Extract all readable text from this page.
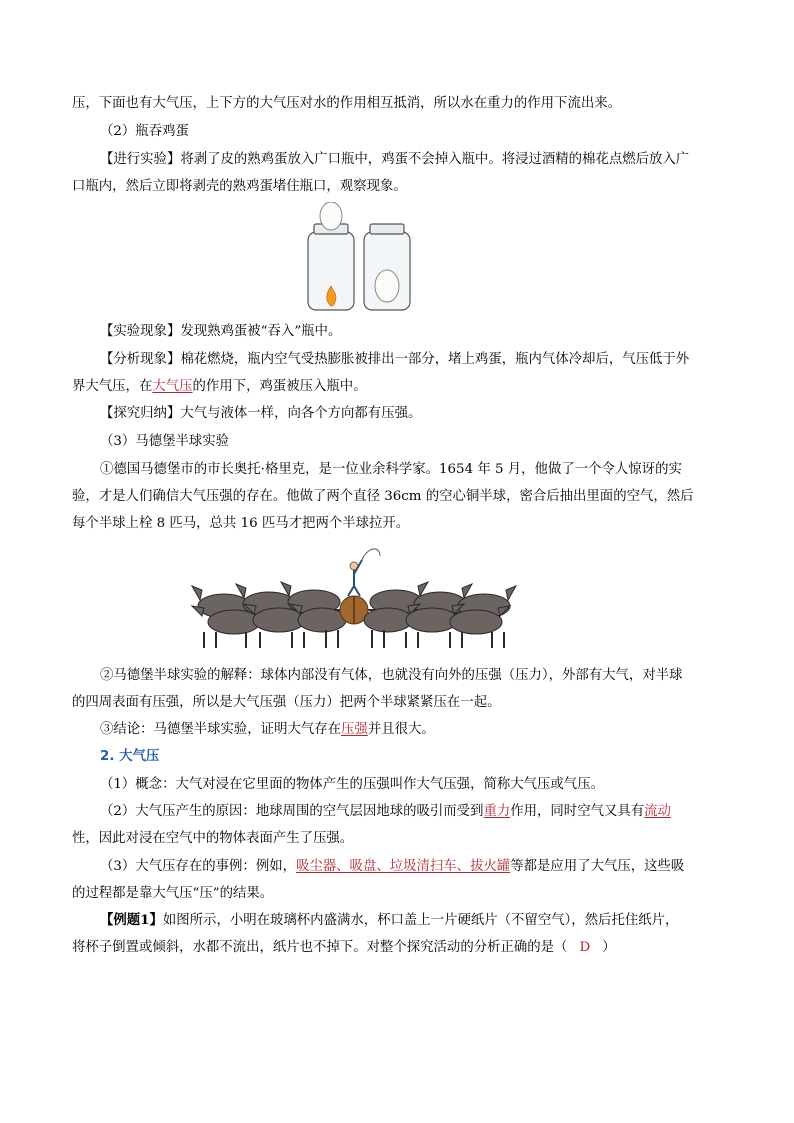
压，下面也有大气压，上下方的大气压对水的作用相互抵消，所以水在重力的作用下流出来。
（2）瓶吞鸡蛋
【进行实验】将剥了皮的熟鸡蛋放入广口瓶中，鸡蛋不会掉入瓶中。将浸过酒精的棉花点燃后放入广
口瓶内，然后立即将剥壳的熟鸡蛋堵住瓶口，观察现象。
【实验现象】发现熟鸡蛋被“吞入”瓶中。
【分析现象】棉花燃烧，瓶内空气受热膨胀被排出一部分，堵上鸡蛋，瓶内气体冷却后，气压低于外
界大气压，在大气压的作用下，鸡蛋被压入瓶中。
【探究归纳】大气与液体一样，向各个方向都有压强。
（3）马德堡半球实验
①德国马德堡市的市长奥托·格里克，是一位业余科学家。1654 年 5 月，他做了一个令人惊讶的实
验，才是人们确信大气压强的存在。他做了两个直径 36cm 的空心铜半球，密合后抽出里面的空气，然后
每个半球上栓 8 匹马，总共 16 匹马才把两个半球拉开。
②马德堡半球实验的解释：球体内部没有气体，也就没有向外的压强（压力），外部有大气，对半球
的四周表面有压强，所以是大气压强（压力）把两个半球紧紧压在一起。
③结论：马德堡半球实验，证明大气存在压强并且很大。
2. 大气压
（1）概念：大气对浸在它里面的物体产生的压强叫作大气压强，简称大气压或气压。
（2）大气压产生的原因：地球周围的空气层因地球的吸引而受到重力作用，同时空气又具有流动
性，因此对浸在空气中的物体表面产生了压强。
（3）大气压存在的事例：例如，吸尘器、吸盘、垃圾清扫车、拔火罐等都是应用了大气压，这些吸
的过程都是靠大气压“压”的结果。
【例题1】如图所示，小明在玻璃杯内盛满水，杯口盖上一片硬纸片（不留空气），然后托住纸片，
将杯子倒置或倾斜，水都不流出，纸片也不掉下。对整个探究活动的分析正确的是（ D ）
